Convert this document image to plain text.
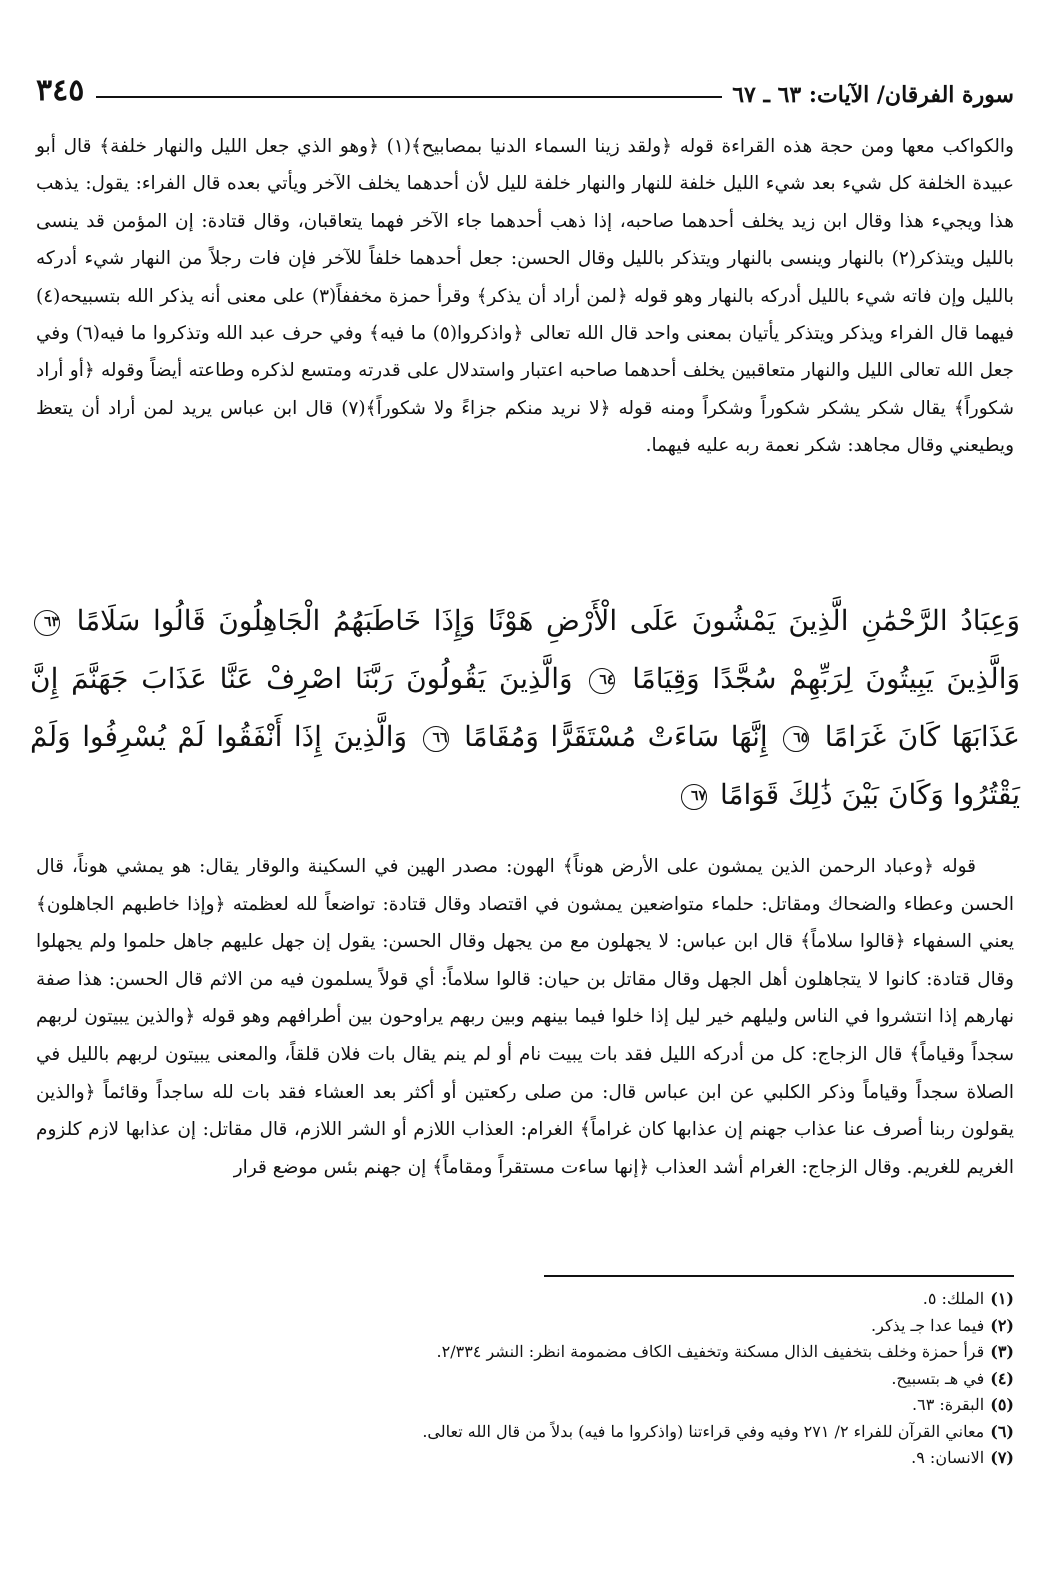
سورة الفرقان/ الآيات: ٦٣ ـ ٦٧
٣٤٥

والكواكب معها ومن حجة هذه القراءة قوله ﴿ولقد زينا السماء الدنيا بمصابيح﴾(١) ﴿وهو الذي جعل الليل والنهار خلفة﴾ قال أبو عبيدة الخلفة كل شيء بعد شيء الليل خلفة للنهار والنهار خلفة لليل لأن أحدهما يخلف الآخر ويأتي بعده قال الفراء: يقول: يذهب هذا ويجيء هذا وقال ابن زيد يخلف أحدهما صاحبه، إذا ذهب أحدهما جاء الآخر فهما يتعاقبان، وقال قتادة: إن المؤمن قد ينسى بالليل ويتذكر(٢) بالنهار وينسى بالنهار ويتذكر بالليل وقال الحسن: جعل أحدهما خلفاً للآخر فإن فات رجلاً من النهار شيء أدركه بالليل وإن فاته شيء بالليل أدركه بالنهار وهو قوله ﴿لمن أراد أن يذكر﴾ وقرأ حمزة مخففاً(٣) على معنى أنه يذكر الله بتسبيحه(٤) فيهما قال الفراء ويذكر ويتذكر يأتيان بمعنى واحد قال الله تعالى ﴿واذكروا(٥) ما فيه﴾ وفي حرف عبد الله وتذكروا ما فيه(٦) وفي جعل الله تعالى الليل والنهار متعاقبين يخلف أحدهما صاحبه اعتبار واستدلال على قدرته ومتسع لذكره وطاعته أيضاً وقوله ﴿أو أراد شكوراً﴾ يقال شكر يشكر شكوراً وشكراً ومنه قوله ﴿لا نريد منكم جزاءً ولا شكوراً﴾(٧) قال ابن عباس يريد لمن أراد أن يتعظ ويطيعني وقال مجاهد: شكر نعمة ربه عليه فيهما.

وَعِبَادُ الرَّحْمَٰنِ الَّذِينَ يَمْشُونَ عَلَى الْأَرْضِ هَوْنًا وَإِذَا خَاطَبَهُمُ الْجَاهِلُونَ قَالُوا سَلَامًا ٦٣ وَالَّذِينَ يَبِيتُونَ لِرَبِّهِمْ سُجَّدًا وَقِيَامًا ٦٤ وَالَّذِينَ يَقُولُونَ رَبَّنَا اصْرِفْ عَنَّا عَذَابَ جَهَنَّمَ إِنَّ عَذَابَهَا كَانَ غَرَامًا ٦٥ إِنَّهَا سَاءَتْ مُسْتَقَرًّا وَمُقَامًا ٦٦ وَالَّذِينَ إِذَا أَنْفَقُوا لَمْ يُسْرِفُوا وَلَمْ يَقْتُرُوا وَكَانَ بَيْنَ ذَٰلِكَ قَوَامًا ٦٧

قوله ﴿وعباد الرحمن الذين يمشون على الأرض هوناً﴾ الهون: مصدر الهين في السكينة والوقار يقال: هو يمشي هوناً، قال الحسن وعطاء والضحاك ومقاتل: حلماء متواضعين يمشون في اقتصاد وقال قتادة: تواضعاً لله لعظمته ﴿وإذا خاطبهم الجاهلون﴾ يعني السفهاء ﴿قالوا سلاماً﴾ قال ابن عباس: لا يجهلون مع من يجهل وقال الحسن: يقول إن جهل عليهم جاهل حلموا ولم يجهلوا وقال قتادة: كانوا لا يتجاهلون أهل الجهل وقال مقاتل بن حيان: قالوا سلاماً: أي قولاً يسلمون فيه من الاثم قال الحسن: هذا صفة نهارهم إذا انتشروا في الناس وليلهم خير ليل إذا خلوا فيما بينهم وبين ربهم يراوحون بين أطرافهم وهو قوله ﴿والذين يبيتون لربهم سجداً وقياماً﴾ قال الزجاج: كل من أدركه الليل فقد بات يبيت نام أو لم ينم يقال بات فلان قلقاً، والمعنى يبيتون لربهم بالليل في الصلاة سجداً وقياماً وذكر الكلبي عن ابن عباس قال: من صلى ركعتين أو أكثر بعد العشاء فقد بات لله ساجداً وقائماً ﴿والذين يقولون ربنا أصرف عنا عذاب جهنم إن عذابها كان غراماً﴾ الغرام: العذاب اللازم أو الشر اللازم، قال مقاتل: إن عذابها لازم كلزوم الغريم للغريم. وقال الزجاج: الغرام أشد العذاب ﴿إنها ساءت مستقراً ومقاماً﴾ إن جهنم بئس موضع قرار

(١)الملك: ٥.
(٢)فيما عدا جـ يذكر.
(٣)قرأ حمزة وخلف بتخفيف الذال مسكنة وتخفيف الكاف مضمومة انظر: النشر ٢/٣٣٤.
(٤)في هـ بتسبيح.
(٥)البقرة: ٦٣.
(٦)معاني القرآن للفراء ٢/ ٢٧١ وفيه وفي قراءتنا (واذكروا ما فيه) بدلاً من قال الله تعالى.
(٧)الانسان: ٩.
